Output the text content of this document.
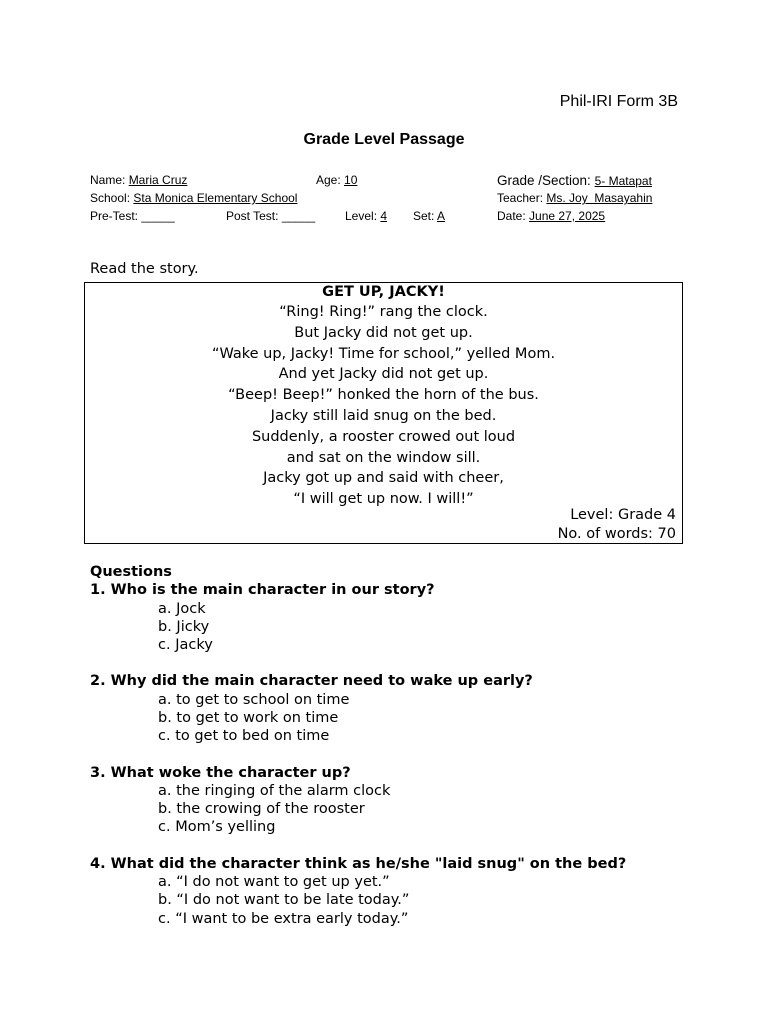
Phil-IRI Form 3B
Grade Level Passage
Name: Maria Cruz	Age: 10	Grade /Section: 5- Matapat
School: Sta Monica Elementary School	Teacher: Ms. Joy  Masayahin
Pre-Test: _____	Post Test: _____ Level: 4 Set: A	Date: June 27, 2025
Read the story.
GET UP, JACKY!
“Ring! Ring!” rang the clock.
But Jacky did not get up.
“Wake up, Jacky! Time for school,” yelled Mom.
And yet Jacky did not get up.
“Beep! Beep!” honked the horn of the bus.
Jacky still laid snug on the bed.
Suddenly, a rooster crowed out loud
and sat on the window sill.
Jacky got up and said with cheer,
“I will get up now. I will!”
Level: Grade 4
No. of words: 70
Questions
1. Who is the main character in our story?
a. Jock
b. Jicky
c. Jacky
2. Why did the main character need to wake up early?
a. to get to school on time
b. to get to work on time
c. to get to bed on time
3. What woke the character up?
a. the ringing of the alarm clock
b. the crowing of the rooster
c. Mom’s yelling
4. What did the character think as he/she "laid snug" on the bed?
a. “I do not want to get up yet.”
b. “I do not want to be late today.”
c. “I want to be extra early today.”
